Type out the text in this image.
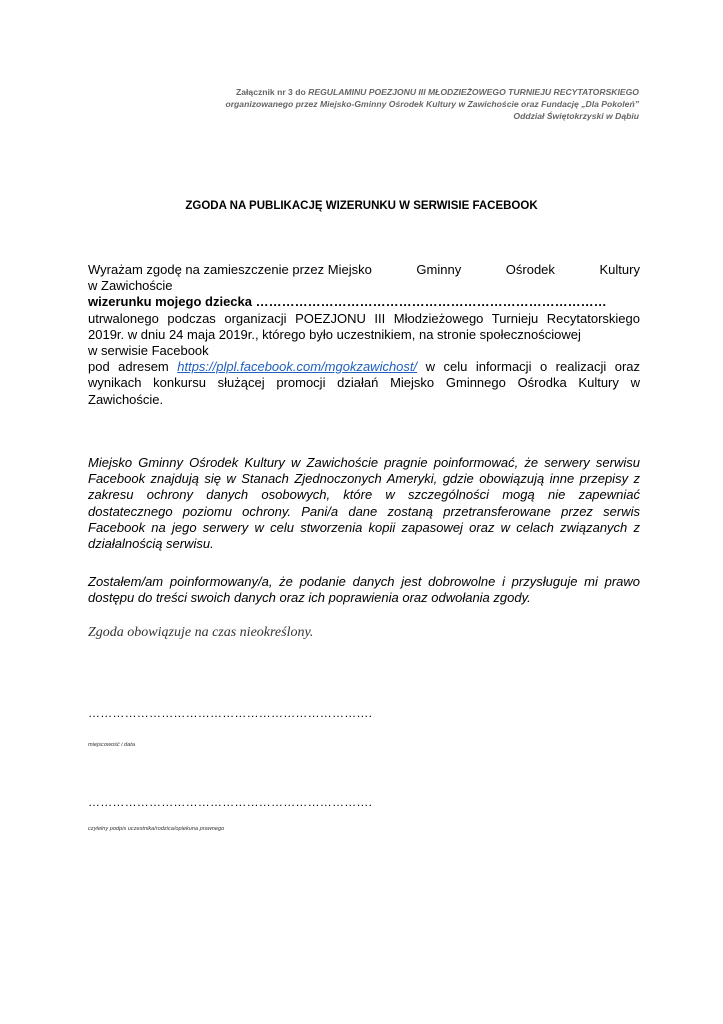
Załącznik nr 3 do REGULAMINU POEZJONU III MŁODZIEŻOWEGO TURNIEJU RECYTATORSKIEGO
organizowanego przez Miejsko-Gminny Ośrodek Kultury w Zawichoście oraz Fundację „Dla Pokoleń”
Oddział Świętokrzyski w Dąbiu
ZGODA NA PUBLIKACJĘ WIZERUNKU W SERWISIE FACEBOOK
Wyrażam zgodę na zamieszczenie przez Miejsko	Gminny	Ośrodek	Kultury
w Zawichoście
wizerunku mojego dziecka ………………………………………………………………………
utrwalonego podczas organizacji POEZJONU III Młodzieżowego Turnieju Recytatorskiego 2019r. w dniu 24 maja 2019r., którego było uczestnikiem, na stronie społecznościowej
w serwisie Facebook
pod adresem https://plpl.facebook.com/mgokzawichost/ w celu informacji o realizacji oraz wynikach konkursu służącej promocji działań Miejsko Gminnego Ośrodka Kultury w Zawichoście.
Miejsko Gminny Ośrodek Kultury w Zawichoście pragnie poinformować, że serwery serwisu Facebook znajdują się w Stanach Zjednoczonych Ameryki, gdzie obowiązują inne przepisy z zakresu ochrony danych osobowych, które w szczególności mogą nie zapewniać dostatecznego poziomu ochrony. Pani/a dane zostaną przetransferowane przez serwis Facebook na jego serwery w celu stworzenia kopii zapasowej oraz w celach związanych z działalnością serwisu.
Zostałem/am poinformowany/a, że podanie danych jest dobrowolne i przysługuje mi prawo dostępu do treści swoich danych oraz ich poprawienia oraz odwołania zgody.
Zgoda obowiązuje na czas nieokreślony.
…………………………………………………………….
miejscowość i data
…………………………………………………………….
czytelny podpis uczestnika/rodzica/opiekuna prawnego
